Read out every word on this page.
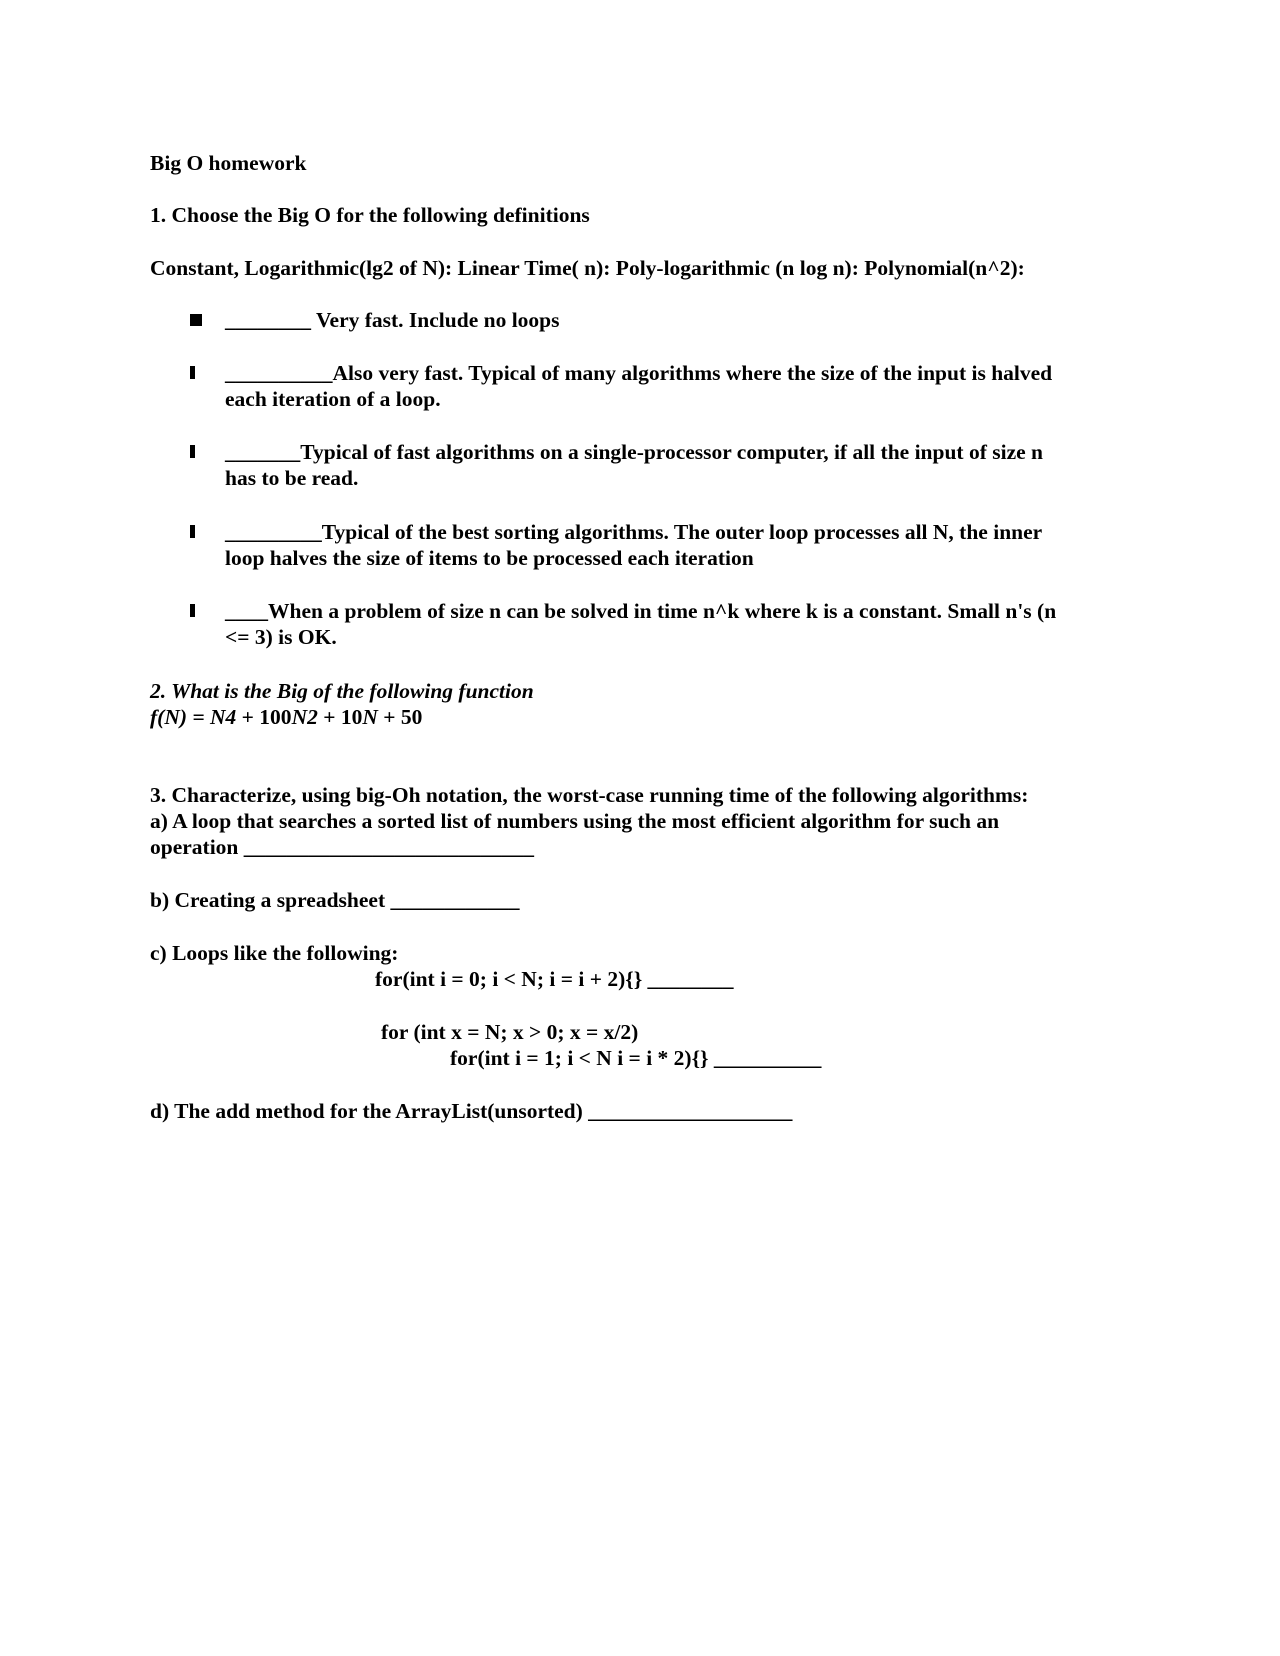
Big O homework
1. Choose the Big O for the following definitions
Constant, Logarithmic(lg2 of N): Linear Time( n): Poly-logarithmic (n log n): Polynomial(n^2):
________ Very fast. Include no loops
__________Also very fast. Typical of many algorithms where the size of the input is halved
each iteration of a loop.
_______Typical of fast algorithms on a single-processor computer, if all the input of size n
has to be read.
_________Typical of the best sorting algorithms. The outer loop processes all N, the inner
loop halves the size of items to be processed each iteration
____When a problem of size n can be solved in time n^k where k is a constant. Small n's (n
<= 3) is OK.
2. What is the Big of the following function
f(N) = N4 + 100N2 + 10N + 50
3. Characterize, using big-Oh notation, the worst-case running time of the following algorithms:
a) A loop that searches a sorted list of numbers using the most efficient algorithm for such an
operation ___________________________
b) Creating a spreadsheet ____________
c) Loops like the following:
for(int i = 0; i < N; i = i + 2){} ________
for (int x = N; x > 0; x = x/2)
for(int i = 1; i < N i = i * 2){} __________
d) The add method for the ArrayList(unsorted) ___________________
